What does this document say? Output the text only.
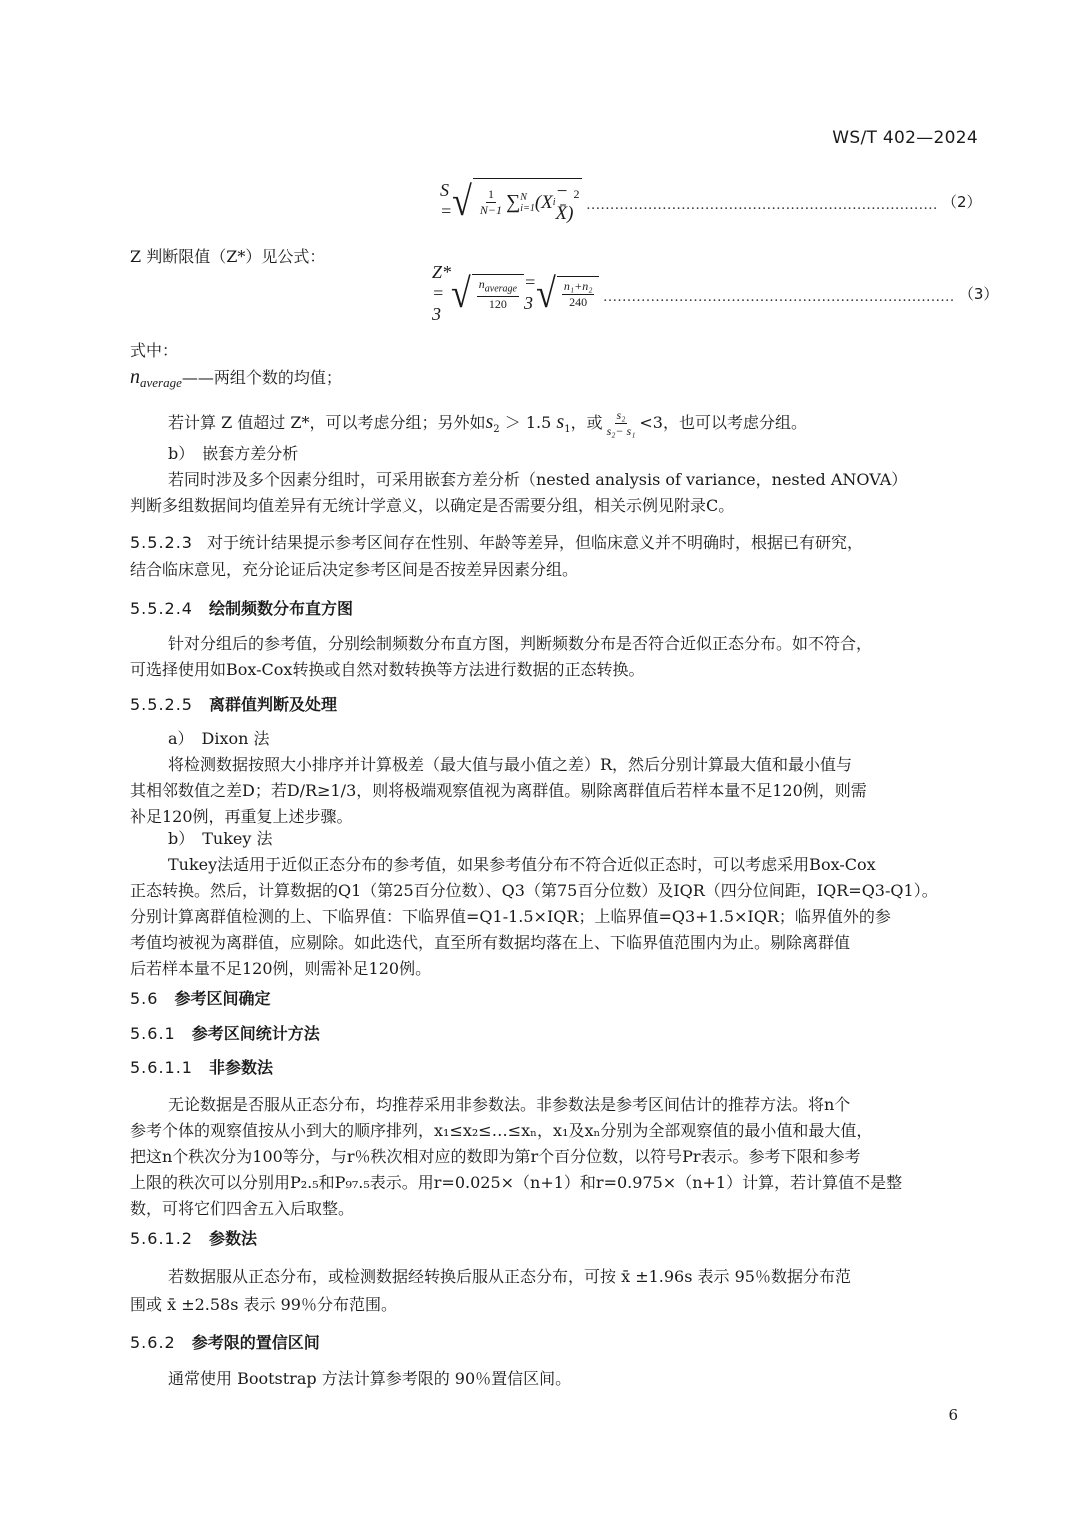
WS/T 402—2024
S = √ $\frac{1}{N-1}$ ∑ N
i=1 (X i
− X̄)
$^2$
.......................................................................... （2）
Z 判断限值（Z*）见公式：
Z* = 3 √ $\frac{n_{average}}{120} = 3$ √ $\frac{\text{n₁+n₂}}{240}$ .......................................................................... （3）
式中：
$n_{average}——$两组个数的均值；
若计算 Z 值超过 Z*，可以考虑分组；另外如$s_2 > 1.5$ $s_1$，或 $\frac{\text{s₂}}{\text{s₂− s₁}} <3$，也可以考虑分组。
b）　嵌套方差分析
若同时涉及多个因素分组时，可采用嵌套方差分析（nested analysis of variance，nested ANOVA）
判断多组数据间均值差异有无统计学意义，以确定是否需要分组，相关示例见附录C。
5.5.2.3 对于统计结果提示参考区间存在性别、年龄等差异，但临床意义并不明确时，根据已有研究，
结合临床意见，充分论证后决定参考区间是否按差异因素分组。
5.5.2.4 绘制频数分布直方图
针对分组后的参考值，分别绘制频数分布直方图，判断频数分布是否符合近似正态分布。如不符合，
可选择使用如Box-Cox转换或自然对数转换等方法进行数据的正态转换。
5.5.2.5 离群值判断及处理
a）　Dixon 法
将检测数据按照大小排序并计算极差（最大值与最小值之差）R，然后分别计算最大值和最小值与
其相邻数值之差D；若D/R≥1/3，则将极端观察值视为离群值。剔除离群值后若样本量不足120例，则需
补足120例，再重复上述步骤。
b）　Tukey 法
Tukey法适用于近似正态分布的参考值，如果参考值分布不符合近似正态时，可以考虑采用Box-Cox
正态转换。然后，计算数据的Q1（第25百分位数）、Q3（第75百分位数）及IQR（四分位间距，IQR=Q3-Q1）。
分别计算离群值检测的上、下临界值：下临界值=Q1-1.5×IQR；上临界值=Q3+1.5×IQR；临界值外的参
考值均被视为离群值，应剔除。如此迭代，直至所有数据均落在上、下临界值范围内为止。剔除离群值
后若样本量不足120例，则需补足120例。
5.6 参考区间确定
5.6.1 参考区间统计方法
5.6.1.1 非参数法
无论数据是否服从正态分布，均推荐采用非参数法。非参数法是参考区间估计的推荐方法。将n个
参考个体的观察值按从小到大的顺序排列，x₁≤x₂≤…≤xₙ，x₁及xₙ分别为全部观察值的最小值和最大值，
把这n个秩次分为100等分，与r％秩次相对应的数即为第r个百分位数，以符号Pr表示。参考下限和参考
上限的秩次可以分别用P₂.₅和P₉₇.₅表示。用r=0.025×（n+1）和r=0.975×（n+1）计算，若计算值不是整
数，可将它们四舍五入后取整。
5.6.1.2 参数法
若数据服从正态分布，或检测数据经转换后服从正态分布，可按 x̄ ±1.96s 表示 95％数据分布范
围或 x̄ ±2.58s 表示 99％分布范围。
5.6.2 参考限的置信区间
通常使用 Bootstrap 方法计算参考限的 90％置信区间。
6
